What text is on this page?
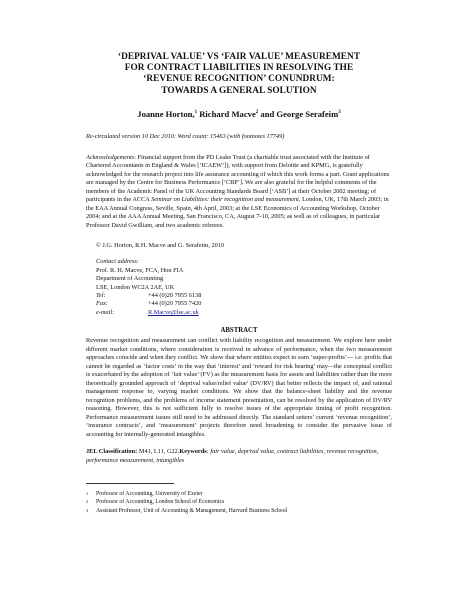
‘DEPRIVAL VALUE’ VS ‘FAIR VALUE’ MEASUREMENT
FOR CONTRACT LIABILITIES IN RESOLVING THE
‘REVENUE RECOGNITION’ CONUNDRUM:
TOWARDS A GENERAL SOLUTION
Joanne Horton,$^1$ Richard Macve$^2$ and George Serafeim$^3$
Re-circulated version 10 Dec 2010: Word count: 15463 (with footnotes 17749)
Acknowledgements: Financial support from the PD Leake Trust (a charitable trust associated with the Institute of Chartered Accountants in England & Wales [‘ICAEW’]), with support from Deloitte and KPMG, is gratefully acknowledged for the research project into life assurance accounting of which this work forms a part. Grant applications are managed by the Centre for Business Performance [‘CBP’]. We are also grateful for the helpful comments of the members of the Academic Panel of the UK Accounting Standards Board [‘ASB’] at their October 2002 meeting; of participants in the ACCA Seminar on Liabilities: their recognition and measurement, London, UK, 17th March 2003; in the EAA Annual Congress, Seville, Spain, 4th April, 2003; at the LSE Economics of Accounting Workshop, October 2004; and at the AAA Annual Meeting, San Francisco, CA, August 7-10, 2005; as well as of colleagues, in particular Professor David Gwilliam, and two academic referees.
© J.G. Horton, R.H. Macve and G. Serafeim, 2010
Contact address:
Prof. R. H. Macve, FCA, Hon FIA
Department of Accounting
LSE, London WC2A 2AE, UK
Tel:	+44 (0)20 7955 6138
Fax:	+44 (0)20 7955 7420
e-mail:	R.Macve@lse.ac.uk
ABSTRACT
Revenue recognition and measurement can conflict with liability recognition and measurement. We explore here under different market conditions, where consideration is received in advance of performance, when the two measurement approaches coincide and when they conflict. We show that where entities expect to earn ‘super-profits’— i.e. profits that cannot be regarded as ‘factor costs’ in the way that ‘interest’ and ‘reward for risk bearing’ may—the conceptual conflict is exacerbated by the adoption of ‘fair value’ (FV) as the measurement basis for assets and liabilities rather than the more theoretically grounded approach of ‘deprival value/relief value’ (DV/RV) that better reflects the impact of, and rational management response to, varying market conditions. We show that the balance-sheet liability and the revenue recognition problems, and the problems of income statement presentation, can be resolved by the application of DV/RV reasoning. However, this is not sufficient fully to resolve issues of the appropriate timing of profit recognition. Performance measurement issues still need to be addressed directly. The standard setters’ current ‘revenue recognition’, ‘insurance contracts’, and ‘measurement’ projects therefore need broadening to consider the pervasive issue of accounting for internally-generated intangibles.
JEL Classification: M41, L11, G22.Keywords: fair value, deprival value, contract liabilities, revenue recognition, performance measurement, intangibles
1	Professor of Accounting, University of Exeter
2	Professor of Accounting, London School of Economics
3	Assistant Professor, Unit of Accounting & Management, Harvard Business School
